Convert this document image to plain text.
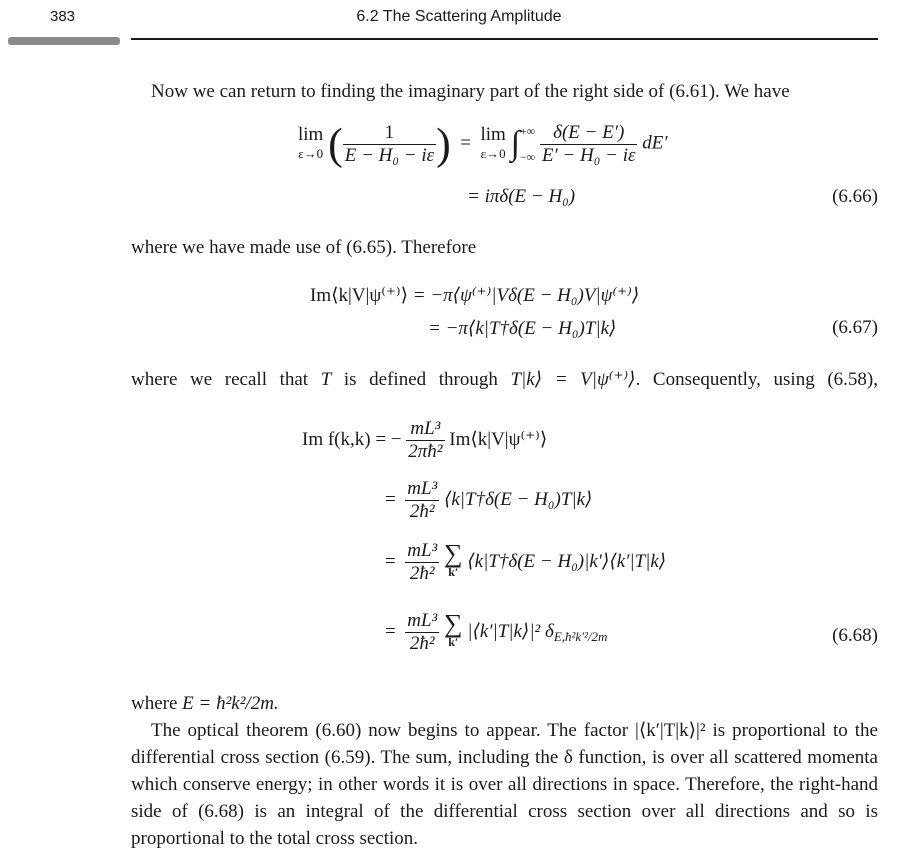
383	6.2 The Scattering Amplitude
Now we can return to finding the imaginary part of the right side of (6.61). We have
lim
ε→0 ( $\frac{1}{\text{E − H₀ − iε}}$ )  =  lim
ε→0 ∫ +∞
−∞
$\frac{\delta(E - E')}{\text{E′ − H₀ − iε}} dE'$
= iπδ(E − H₀)	(6.66)
where we have made use of (6.65). Therefore
Im⟨k|V|ψ⁽⁺⁾⟩ = −π⟨ψ⁽⁺⁾|Vδ(E − H₀)V|ψ⁽⁺⁾⟩
= −π⟨k|T†δ(E − H₀)T|k⟩	(6.67)
where we recall that T is defined through T|k⟩ = V|ψ⁽⁺⁾⟩. Consequently, using (6.58),
Im f(k,k) = − $\frac{\text{mL³}}{\text{2πħ²}}$ Im⟨k|V|ψ⁽⁺⁾⟩
= $\frac{\text{mL³}}{\text{2ħ²}}$ ⟨k|T†δ(E − H₀)T|k⟩
= $\frac{\text{mL³}}{\text{2ħ²}}$
∑
k′ ⟨k|T†δ(E − H₀)|k′⟩⟨k′|T|k⟩
= $\frac{\text{mL³}}{\text{2ħ²}}$
∑
k′ |⟨k′|T|k⟩|² $\delta_{E,ħ^2k'^2/2m}$	(6.68)
where E = ħ²k²/2m.
The optical theorem (6.60) now begins to appear. The factor |⟨k′|T|k⟩|² is proportional to the differential cross section (6.59). The sum, including the δ function, is over all scattered momenta which conserve energy; in other words it is over all directions in space. Therefore, the right-hand side of (6.68) is an integral of the differential cross section over all directions and so is proportional to the total cross section.
